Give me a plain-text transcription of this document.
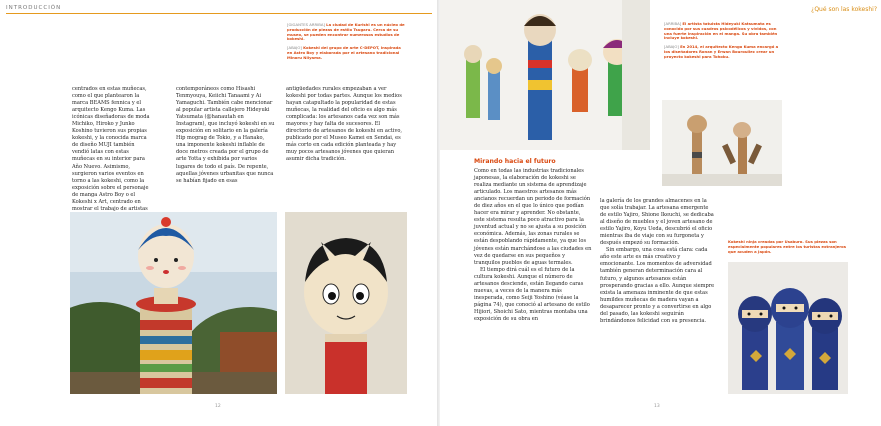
INTRODUCCIÓN

[GIGANTES ARRIBA] La ciudad de Kurishi es un núcleo de producción de piezas de estilo Tsugaru. Cerca de su museo, se pueden encontrar numerosos estudios de kokeshi.

[ABAJO] Kokeshi del grupo de arte C-DEPOT, inspirada en Astro Boy y elaborada por el artesano tradicional Minoru Niiyama.

centrados en estas muñecas, como el que plantearon la marca BEAMS fennica y el arquitecto Kengo Kuma. Las icónicas diseñadoras de moda Michiko, Hiroko y Junko Koshino tuvieron sus propias kokeshi, y la conocida marca de diseño MUJI también vendió latas con estas muñecas en su interior para Año Nuevo. Asimismo, surgieron varios eventos en torno a las kokeshi, como la exposición sobre el personaje de manga Astro Boy o el Kokeshi x Art, centrado en mostrar el trabajo de artistas
contemporáneos como Hisashi Tenmyouya, Keiichi Tanaami y Ai Yamaguchi. También cabe mencionar al popular artista callejero Hideyuki Yatsumata (@hanautah en Instagram), que incluyó kokeshi en su exposición en solitario en la galería Hip mograg de Tokio, y a Hanako, una imponente kokeshi inflable de doce metros creada por el grupo de arte Yotta y exhibida por varios lugares de todo el país. De repente, aquellas jóvenes urbanitas que nunca se habían fijado en esas
antigüedades rurales empezaban a ver kokeshi por todas partes. Aunque los medios hayan catapultado la popularidad de estas muñecas, la realidad del oficio es algo más complicada: los artesanos cada vez son más mayores y hay falta de sucesores. El directorio de artesanos de kokeshi en activo, publicado por el Museo Kamei en Sendai, es más corto en cada edición planteada y hay muy pocos artesanos jóvenes que quieran asumir dicha tradición.
12
¿Qué son las kokeshi?

[ARRIBA] El artista tatuista Hideyuki Katsumata es conocido por sus cuadros psicodélicos y vívidos, con una fuerte inspiración en el manga. Su obra también incluye kokeshi.

[ABAJO] En 2014, el arquitecto Kengo Kuma encargó a los diseñadores Ronan y Erwan Bouroullec crear un proyecto kokeshi para Tohoku.

Mirando hacia el futuro

Como en todas las industrias tradicionales japonesas, la elaboración de kokeshi se realiza mediante un sistema de aprendizaje articulado. Los maestros artesanos más ancianos recuerdan un periodo de formación de diez años en el que lo único que podían hacer era mirar y aprender. No obstante, este sistema resulta poco atractivo para la juventud actual y no se ajusta a su posición económica. Además, las zonas rurales se están despoblando rápidamente, ya que los jóvenes están marchándose a las ciudades en vez de quedarse en sus pequeños y tranquilos pueblos de aguas termales.

El tiempo dirá cuál es el futuro de la cultura kokeshi. Aunque el número de artesanos desciende, están llegando caras nuevas, a veces de la manera más inesperada, como Seiji Yoshino (véase la página 74), que conoció al artesano de estilo Hijiori, Shoichi Sato, mientras montaba una exposición de su obra en

la galería de los grandes almacenes en la que solía trabajar. La artesana emergente de estilo Yajiro, Shione Ikeuchi, se dedicaba al diseño de muebles y el joven artesano de estilo Yajiro, Koyu Ueda, descubrió el oficio mientras iba de viaje con su furgoneta y después empezó su formación.

Sin embargo, una cosa está clara: cada año este arte es más creativo y emocionante. Los momentos de adversidad también generan determinación cara al futuro, y algunos artesanos están prosperando gracias a ello. Aunque siempre exista la amenaza inminente de que estas humildes muñecas de madera vayan a desaparecer pronto y a convertirse en algo del pasado, las kokeshi seguirán brindándonos felicidad con su presencia.

Kokeshi ninja creadas por Usaburo. Sus piezas son especialmente populares entre los turistas extranjeros que acuden a Japón.
13
